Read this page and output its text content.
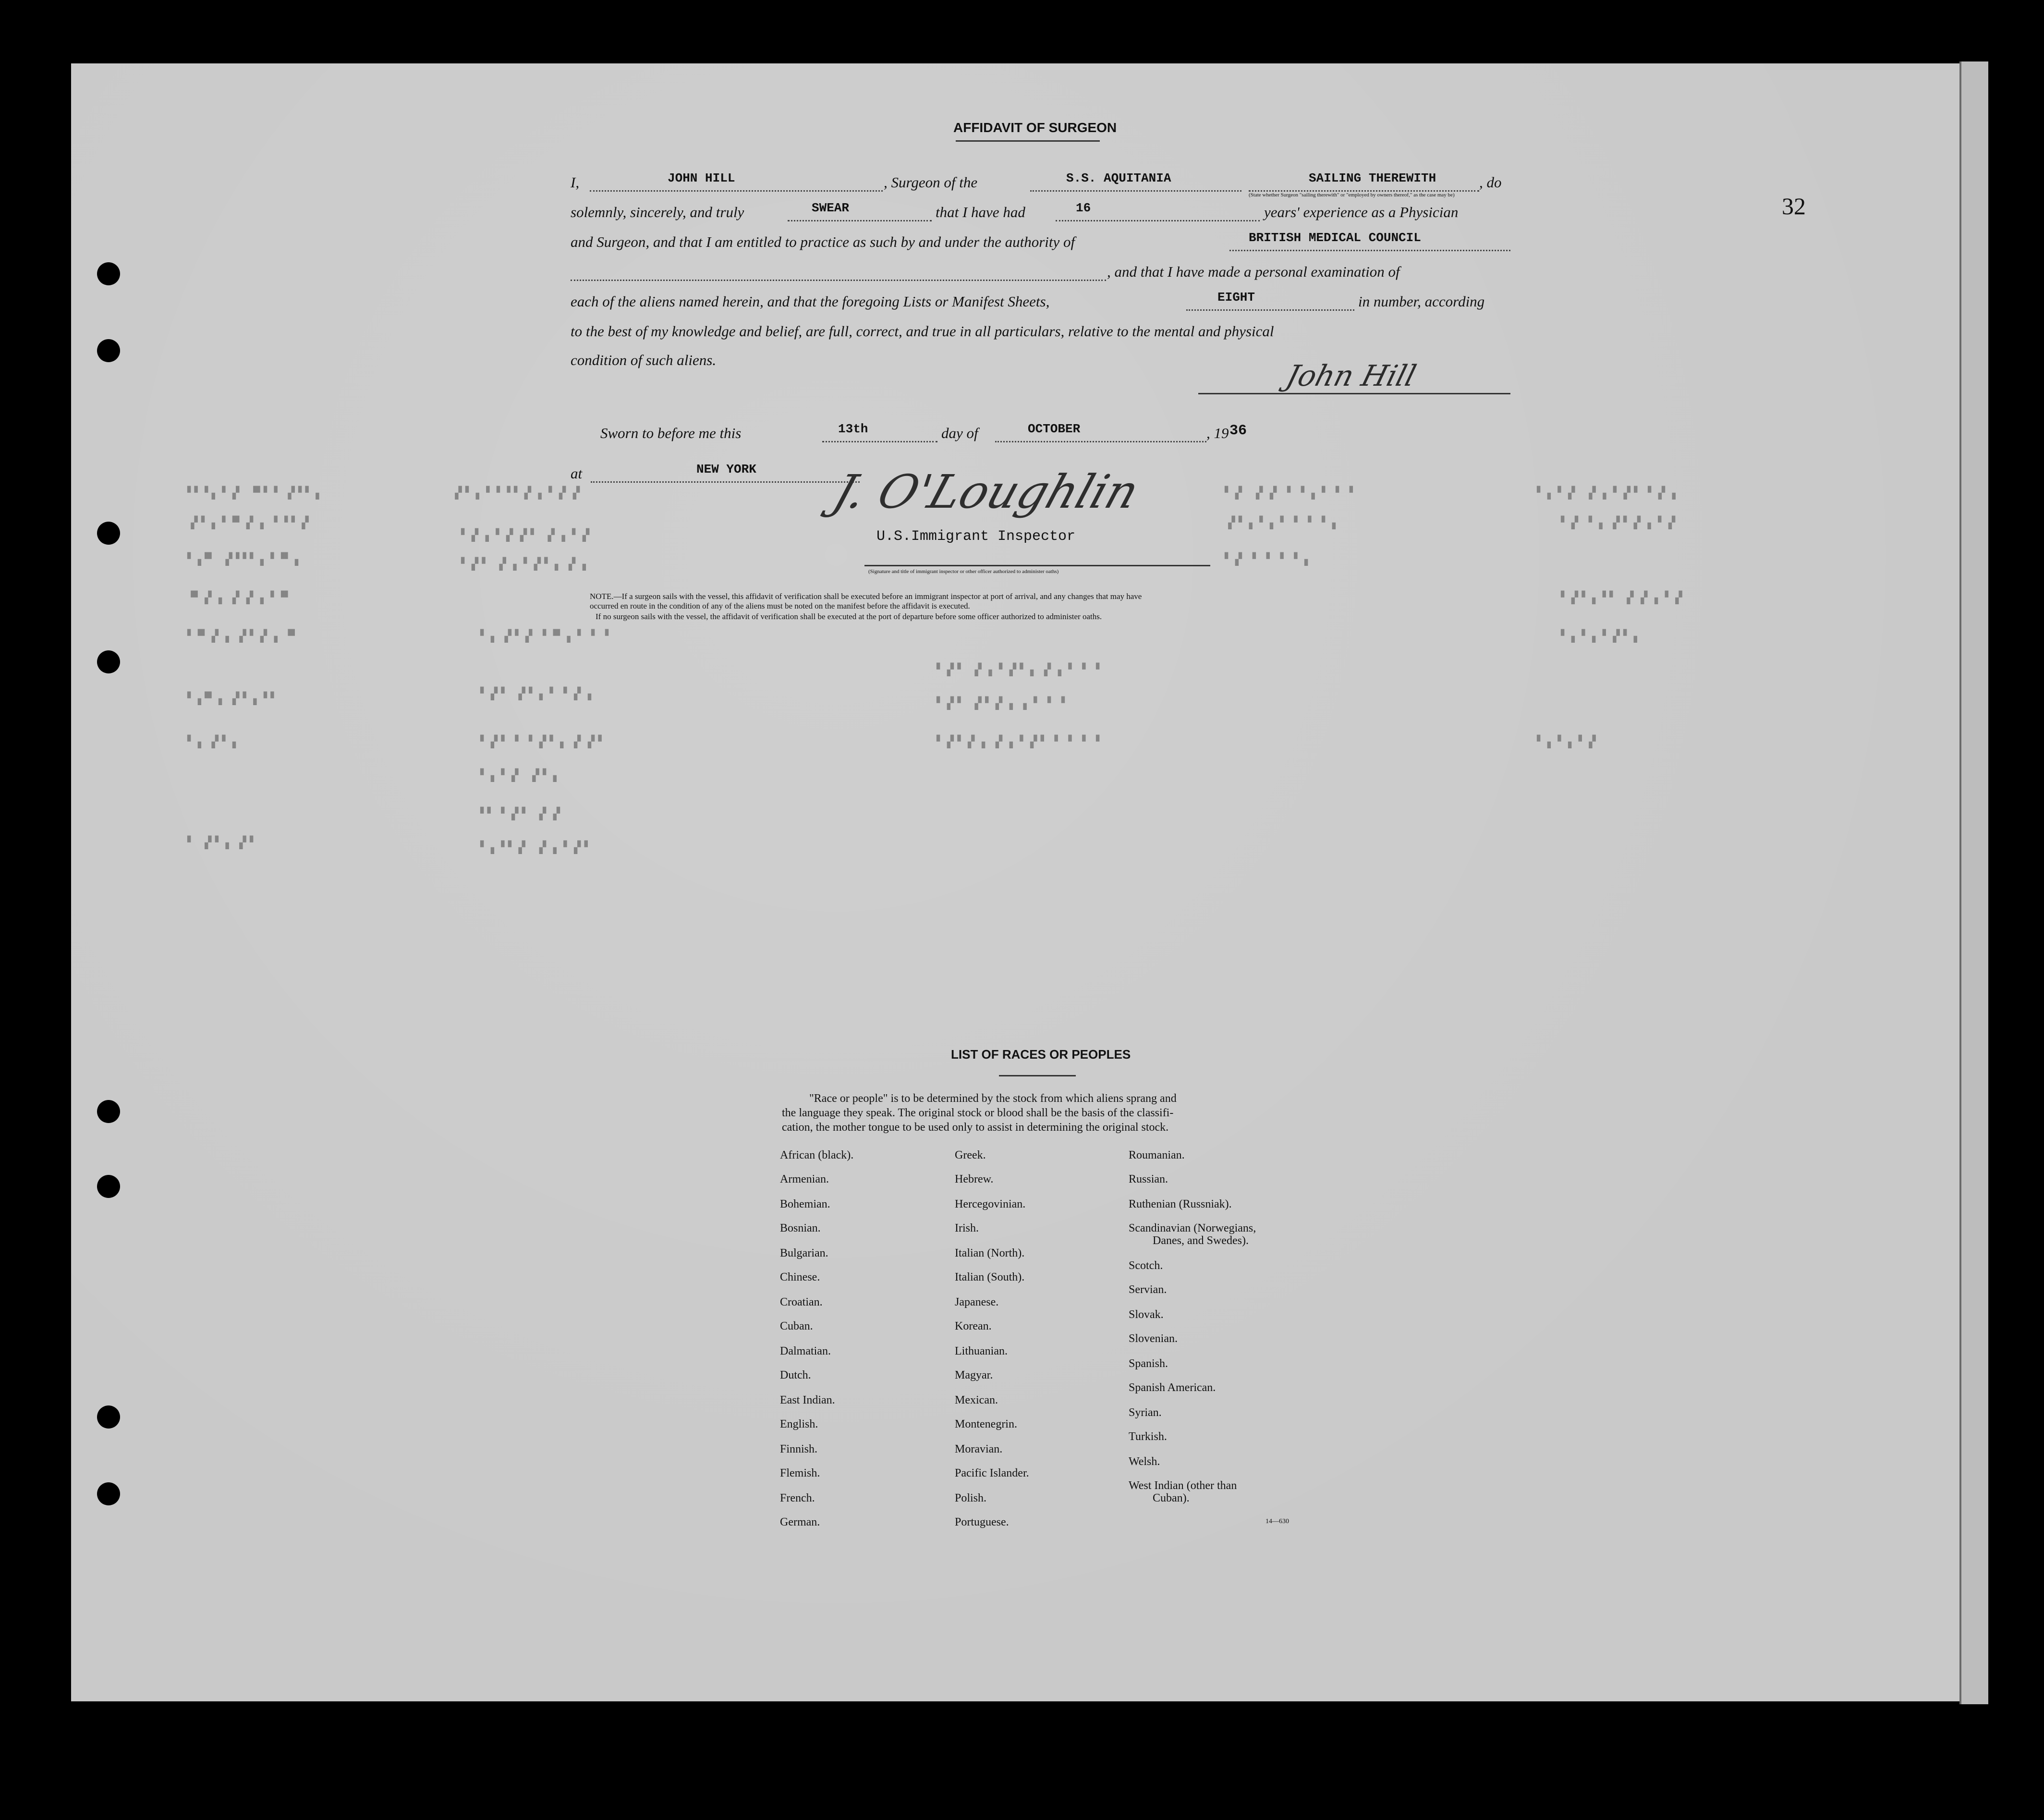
32
AFFIDAVIT OF SURGEON
I,	JOHN HILL	, Surgeon of the	S.S. AQUITANIA	SAILING THEREWITH	, do
(State whether Surgeon "sailing therewith" or "employed by owners thereof," as the case may be)
solemnly, sincerely, and truly	SWEAR	that I have had	16	years' experience as a Physician
and Surgeon, and that I am entitled to practice as such by and under the authority of	BRITISH MEDICAL COUNCIL
, and that I have made a personal examination of
each of the aliens named herein, and that the foregoing Lists or Manifest Sheets,	EIGHT	in number, according
to the best of my knowledge and belief, are full, correct, and true in all particulars, relative to the mental and physical
condition of such aliens.	John Hill
Sworn to before me this	13th	day of	OCTOBER	, 19 36
at	NEW YORK J. O'Loughlin
U.S.Immigrant Inspector
(Signature and title of immigrant inspector or other officer authorized to administer oaths)
NOTE.—If a surgeon sails with the vessel, this affidavit of verification shall be executed before an immigrant inspector at port of arrival, and any changes that may have
occurred en route in the condition of any of the aliens must be noted on the manifest before the affidavit is executed.
If no surgeon sails with the vessel, the affidavit of verification shall be executed at the port of departure before some officer authorized to administer oaths.
▘▘▝▗ ▘▗▘ ▝▘▘▝ ▗▘▘▘▗
▗▘▘▗ ▘▝▘▗▘▗ ▝ ▘▘▗▘
▘▗▝▘ ▗▘▘▘▘▗ ▘▝▘▗
▝▘▗▘▗ ▗▘▗▘▗ ▘▝▘
▘▝▘▗▘▗ ▗▘▘▗▘▗ ▝▘
▘▗▝▘▗ ▗▘▘▗ ▘▘
▘▗ ▗▘▘▗
▘ ▗▘▘▗ ▗▘▘
▗▘▘▗ ▘▝ ▘▘▗▘▗ ▘▗▘▗▘
▘▗▘▗ ▘▗▘▗▘▘ ▗▘▗ ▘▗▘
▘▗▘▘ ▗▘▗ ▘▗▘▘▗ ▗▘▗
▘▗ ▗▘▘▗▘ ▘▝▘▗ ▘ ▘ ▘
▘▗▘▘ ▗▘▘▗ ▘ ▘▗▘▗
▘▗▘▘ ▘ ▘▗▘▘▗ ▗▘▗▘▘
▘▗ ▘▗▘ ▗▘▘▗
▘▘ ▘▗▘▘ ▗▘▗▘
▘▗ ▘▘▗▘ ▗▘▗ ▘▗▘▘
▘▗▘▘ ▗▘▗ ▘▗▘▘▗ ▗▘▗ ▘ ▘ ▘
▘▗▘▘ ▗▘▘▗▘▗ ▗ ▘ ▘ ▘
▘▗▘▘▗▘▗ ▗▘▗ ▘▗▘▘ ▘ ▘ ▘ ▘
▘▗▘ ▗▘▗▘ ▘ ▘▗ ▘ ▘ ▘
▗▘▘▗ ▘▗ ▘ ▘ ▘ ▘▗
▘▗▘ ▘ ▘ ▘ ▘▗
▘▗ ▘▗▘ ▗▘▗ ▘▗▘▘ ▘▗▘▗
▘▗▘ ▘▗ ▗▘▘▗▘▗ ▘▗▘
▘▗▘▘▗ ▘▘ ▗▘▗▘▗ ▘▗▘
▘▗ ▘▗ ▘▗▘▘▗
▘▗ ▘▗ ▘▗▘
LIST OF RACES OR PEOPLES
"Race or people" is to be determined by the stock from which aliens sprang and
the language they speak. The original stock or blood shall be the basis of the classifi-
cation, the mother tongue to be used only to assist in determining the original stock.
African (black).
Armenian.
Bohemian.
Bosnian.
Bulgarian.
Chinese.
Croatian.
Cuban.
Dalmatian.
Dutch.
East Indian.
English.
Finnish.
Flemish.
French.
German.
Greek.
Hebrew.
Hercegovinian.
Irish.
Italian (North).
Italian (South).
Japanese.
Korean.
Lithuanian.
Magyar.
Mexican.
Montenegrin.
Moravian.
Pacific Islander.
Polish.
Portuguese.
Roumanian.
Russian.
Ruthenian (Russniak).
Scandinavian (Norwegians,
Danes, and Swedes).
Scotch.
Servian.
Slovak.
Slovenian.
Spanish.
Spanish American.
Syrian.
Turkish.
Welsh.
West Indian (other than
Cuban).
14—630
